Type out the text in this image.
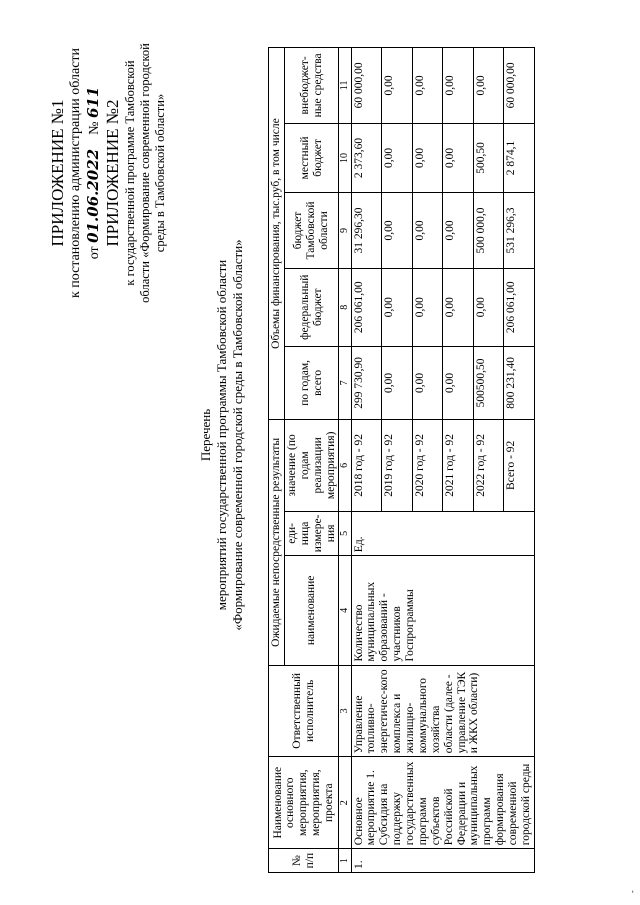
ПРИЛОЖЕНИЕ №1 к постановлению администрации области от 01.06.2022    № 611 ПРИЛОЖЕНИЕ №2 к государственной программе Тамбовской области «Формирование современной городской среды в Тамбовской области»
Перечень мероприятий государственной программы Тамбовской области «Формирование современной городской среды в Тамбовской области»
№ п/п	Наименование основного мероприятия, мероприятия, проекта	Ответственный исполнитель	Ожидаемые непосредственные результаты			Объемы финансирования, тыс.руб, в том числе				
			наименование	еди-ница измере-ния	значение (по годам реализации мероприятия)	по годам, всего	федеральный бюджет	бюджет Тамбовской области	местный бюджет	внебюджет-ные средства
1	2	3	4	5	6	7	8	9	10	11
1.	Основное мероприятие 1. Субсидия на поддержку государственных программ субъектов Российской Федерации и муниципальных программ формирования современной городской среды	Управление топливно-энергетичес-кого комплекса и жилищно-коммунального хозяйства области (далее - управление ТЭК и ЖКХ области)	Количество муниципальных образований - участников Госпрограммы	Ед.	2018 год - 92	299 730,90	206 061,00	31 296,30	2 373,60	60 000,00
					2019 год - 92	0,00	0,00	0,00	0,00	0,00
					2020 год - 92	0,00	0,00	0,00	0,00	0,00
					2021 год - 92	0,00	0,00	0,00	0,00	0,00
					2022 год - 92	500500,50	0,00	500 000,0	500,50	0,00
					Всего - 92	800 231,40	206 061,00	531 296,3	2 874,1	60 000,00
-
